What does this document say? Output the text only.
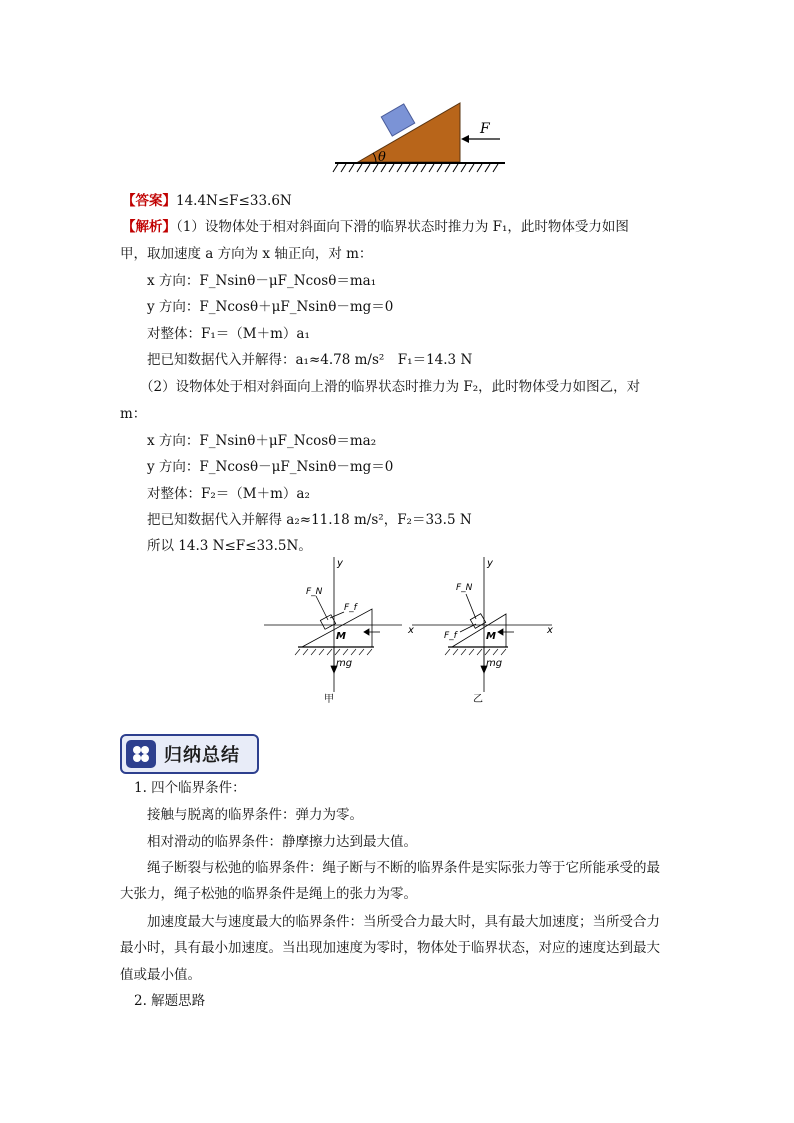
F
θ
【答案】14.4N≤F≤33.6N
【解析】（1）设物体处于相对斜面向下滑的临界状态时推力为 F₁，此时物体受力如图
甲，取加速度 a 方向为 x 轴正向，对 m：
x 方向：F_Nsinθ－μF_Ncosθ＝ma₁
y 方向：F_Ncosθ＋μF_Nsinθ－mg＝0
对整体：F₁＝（M＋m）a₁
把已知数据代入并解得：a₁≈4.78 m/s²　F₁＝14.3 N
（2）设物体处于相对斜面向上滑的临界状态时推力为 F₂，此时物体受力如图乙，对
m：
x 方向：F_Nsinθ＋μF_Ncosθ＝ma₂
y 方向：F_Ncosθ－μF_Nsinθ－mg＝0
对整体：F₂＝（M＋m）a₂
把已知数据代入并解得 a₂≈11.18 m/s²，F₂＝33.5 N
所以 14.3 N≤F≤33.5N。
y
x
F_N
F_f
M
mg
甲
y
x
F_N
F_f	M
mg
乙
归纳总结
1. 四个临界条件：
接触与脱离的临界条件：弹力为零。
相对滑动的临界条件：静摩擦力达到最大值。
绳子断裂与松弛的临界条件：绳子断与不断的临界条件是实际张力等于它所能承受的最
大张力，绳子松弛的临界条件是绳上的张力为零。
加速度最大与速度最大的临界条件：当所受合力最大时，具有最大加速度；当所受合力
最小时，具有最小加速度。当出现加速度为零时，物体处于临界状态，对应的速度达到最大
值或最小值。
2. 解题思路
